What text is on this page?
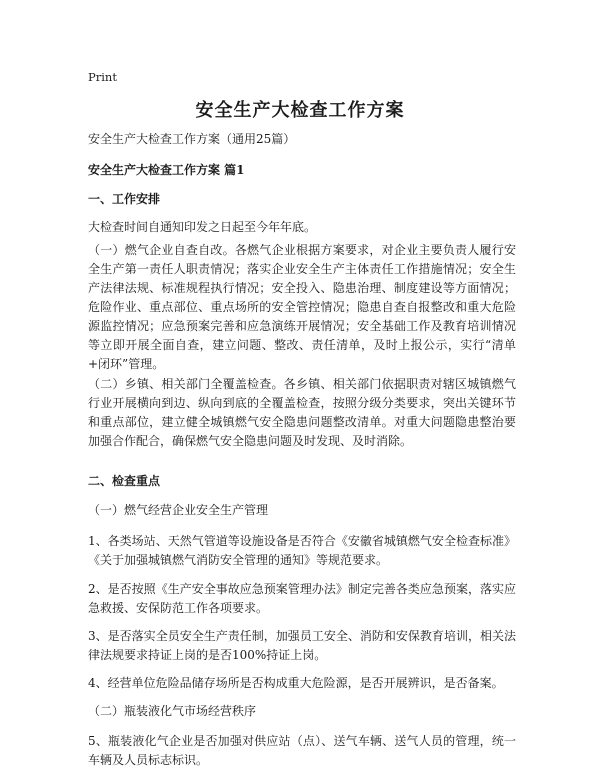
Print
安全生产大检查工作方案
安全生产大检查工作方案（通用25篇）
安全生产大检查工作方案 篇1
一、工作安排
大检查时间自通知印发之日起至今年年底。
（一）燃气企业自查自改。各燃气企业根据方案要求，对企业主要负责人履行安全生产第一责任人职责情况；落实企业安全生产主体责任工作措施情况；安全生产法律法规、标准规程执行情况；安全投入、隐患治理、制度建设等方面情况；危险作业、重点部位、重点场所的安全管控情况；隐患自查自报整改和重大危险源监控情况；应急预案完善和应急演练开展情况；安全基础工作及教育培训情况等立即开展全面自查，建立问题、整改、责任清单，及时上报公示，实行“清单+闭环”管理。
（二）乡镇、相关部门全覆盖检查。各乡镇、相关部门依据职责对辖区城镇燃气行业开展横向到边、纵向到底的全覆盖检查，按照分级分类要求，突出关键环节和重点部位，建立健全城镇燃气安全隐患问题整改清单。对重大问题隐患整治要加强合作配合，确保燃气安全隐患问题及时发现、及时消除。
二、检查重点
（一）燃气经营企业安全生产管理
1、各类场站、天然气管道等设施设备是否符合《安徽省城镇燃气安全检查标准》《关于加强城镇燃气消防安全管理的通知》等规范要求。
2、是否按照《生产安全事故应急预案管理办法》制定完善各类应急预案，落实应急救援、安保防范工作各项要求。
3、是否落实全员安全生产责任制，加强员工安全、消防和安保教育培训，相关法律法规要求持证上岗的是否100%持证上岗。
4、经营单位危险品储存场所是否构成重大危险源，是否开展辨识，是否备案。
（二）瓶装液化气市场经营秩序
5、瓶装液化气企业是否加强对供应站（点）、送气车辆、送气人员的管理，统一车辆及人员标志标识。
